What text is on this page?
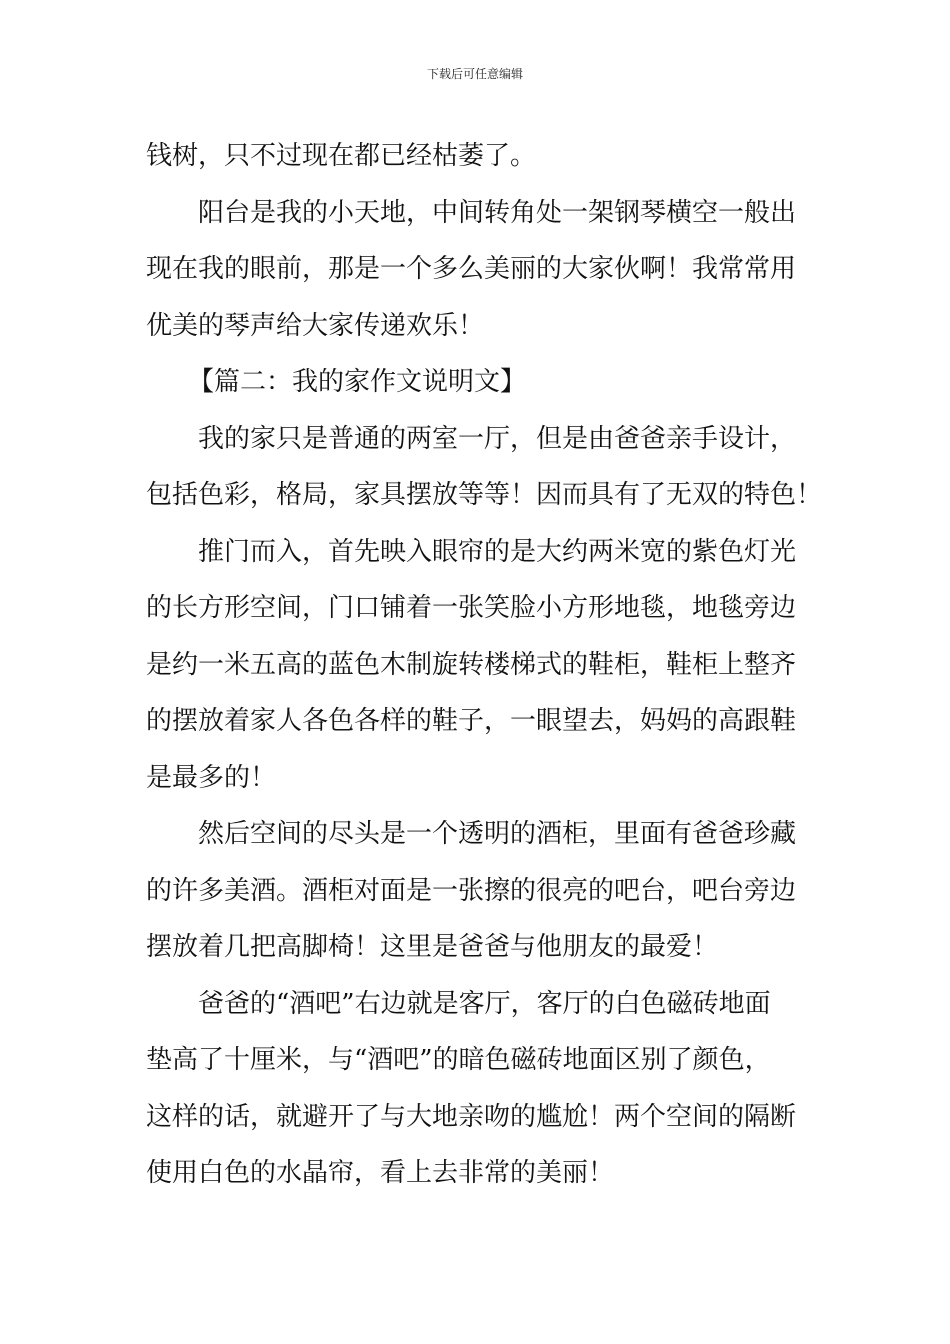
下载后可任意编辑
钱树，只不过现在都已经枯萎了。
阳台是我的小天地，中间转角处一架钢琴横空一般出
现在我的眼前，那是一个多么美丽的大家伙啊！我常常用
优美的琴声给大家传递欢乐！
【篇二：我的家作文说明文】
我的家只是普通的两室一厅，但是由爸爸亲手设计，
包括色彩，格局，家具摆放等等！因而具有了无双的特色！
推门而入，首先映入眼帘的是大约两米宽的紫色灯光
的长方形空间，门口铺着一张笑脸小方形地毯，地毯旁边
是约一米五高的蓝色木制旋转楼梯式的鞋柜，鞋柜上整齐
的摆放着家人各色各样的鞋子，一眼望去，妈妈的高跟鞋
是最多的！
然后空间的尽头是一个透明的酒柜，里面有爸爸珍藏
的许多美酒。酒柜对面是一张擦的很亮的吧台，吧台旁边
摆放着几把高脚椅！这里是爸爸与他朋友的最爱！
爸爸的“酒吧”右边就是客厅，客厅的白色磁砖地面
垫高了十厘米，与“酒吧”的暗色磁砖地面区别了颜色，
这样的话，就避开了与大地亲吻的尴尬！两个空间的隔断
使用白色的水晶帘，看上去非常的美丽！
